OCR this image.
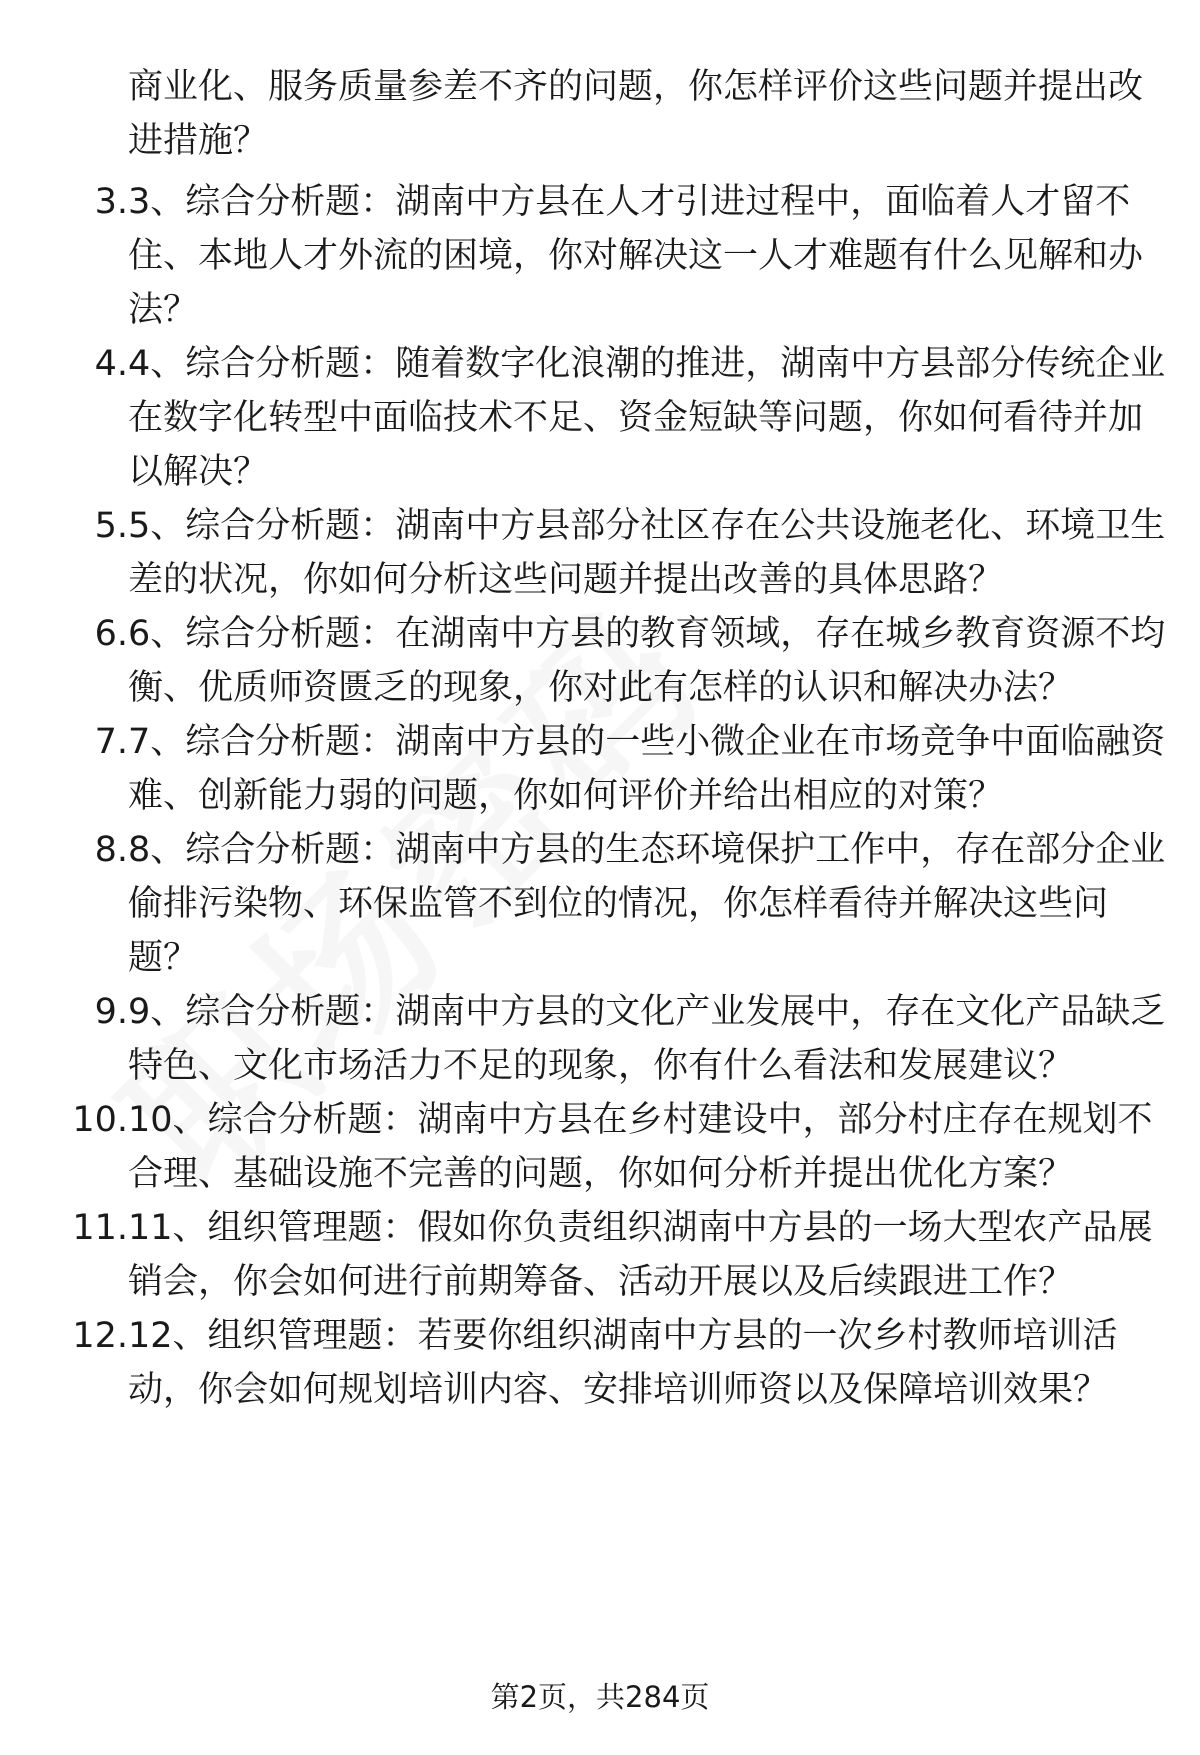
商业化、服务质量参差不齐的问题，你怎样评价这些问题并提出改进措施？
3. 3、综合分析题：湖南中方县在人才引进过程中，面临着人才留不住、本地人才外流的困境，你对解决这一人才难题有什么见解和办法？
4. 4、综合分析题：随着数字化浪潮的推进，湖南中方县部分传统企业在数字化转型中面临技术不足、资金短缺等问题，你如何看待并加以解决？
5. 5、综合分析题：湖南中方县部分社区存在公共设施老化、环境卫生差的状况，你如何分析这些问题并提出改善的具体思路？
6. 6、综合分析题：在湖南中方县的教育领域，存在城乡教育资源不均衡、优质师资匮乏的现象，你对此有怎样的认识和解决办法？
7. 7、综合分析题：湖南中方县的一些小微企业在市场竞争中面临融资难、创新能力弱的问题，你如何评价并给出相应的对策？
8. 8、综合分析题：湖南中方县的生态环境保护工作中，存在部分企业偷排污染物、环保监管不到位的情况，你怎样看待并解决这些问题？
9. 9、综合分析题：湖南中方县的文化产业发展中，存在文化产品缺乏特色、文化市场活力不足的现象，你有什么看法和发展建议？
10. 10、综合分析题：湖南中方县在乡村建设中，部分村庄存在规划不合理、基础设施不完善的问题，你如何分析并提出优化方案？
11. 11、组织管理题：假如你负责组织湖南中方县的一场大型农产品展销会，你会如何进行前期筹备、活动开展以及后续跟进工作？
12. 12、组织管理题：若要你组织湖南中方县的一次乡村教师培训活动，你会如何规划培训内容、安排培训师资以及保障培训效果？
第2页，共284页
